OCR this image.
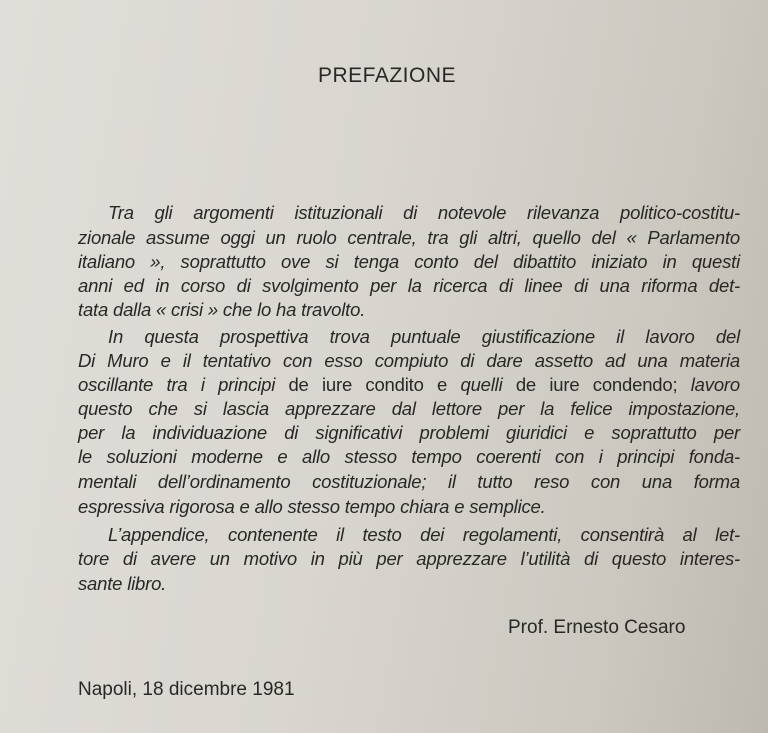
PREFAZIONE
Tra gli argomenti istituzionali di notevole rilevanza politico-costitu-
zionale assume oggi un ruolo centrale, tra gli altri, quello del « Parlamento
italiano », soprattutto ove si tenga conto del dibattito iniziato in questi
anni ed in corso di svolgimento per la ricerca di linee di una riforma det-
tata dalla « crisi » che lo ha travolto.
In questa prospettiva trova puntuale giustificazione il lavoro del
Di Muro e il tentativo con esso compiuto di dare assetto ad una materia
oscillante tra i principi de iure condito e quelli de iure condendo; lavoro
questo che si lascia apprezzare dal lettore per la felice impostazione,
per la individuazione di significativi problemi giuridici e soprattutto per
le soluzioni moderne e allo stesso tempo coerenti con i principi fonda-
mentali dell’ordinamento costituzionale; il tutto reso con una forma
espressiva rigorosa e allo stesso tempo chiara e semplice.
L’appendice, contenente il testo dei regolamenti, consentirà al let-
tore di avere un motivo in più per apprezzare l’utilità di questo interes-
sante libro.
Prof. Ernesto Cesaro
Napoli, 18 dicembre 1981
